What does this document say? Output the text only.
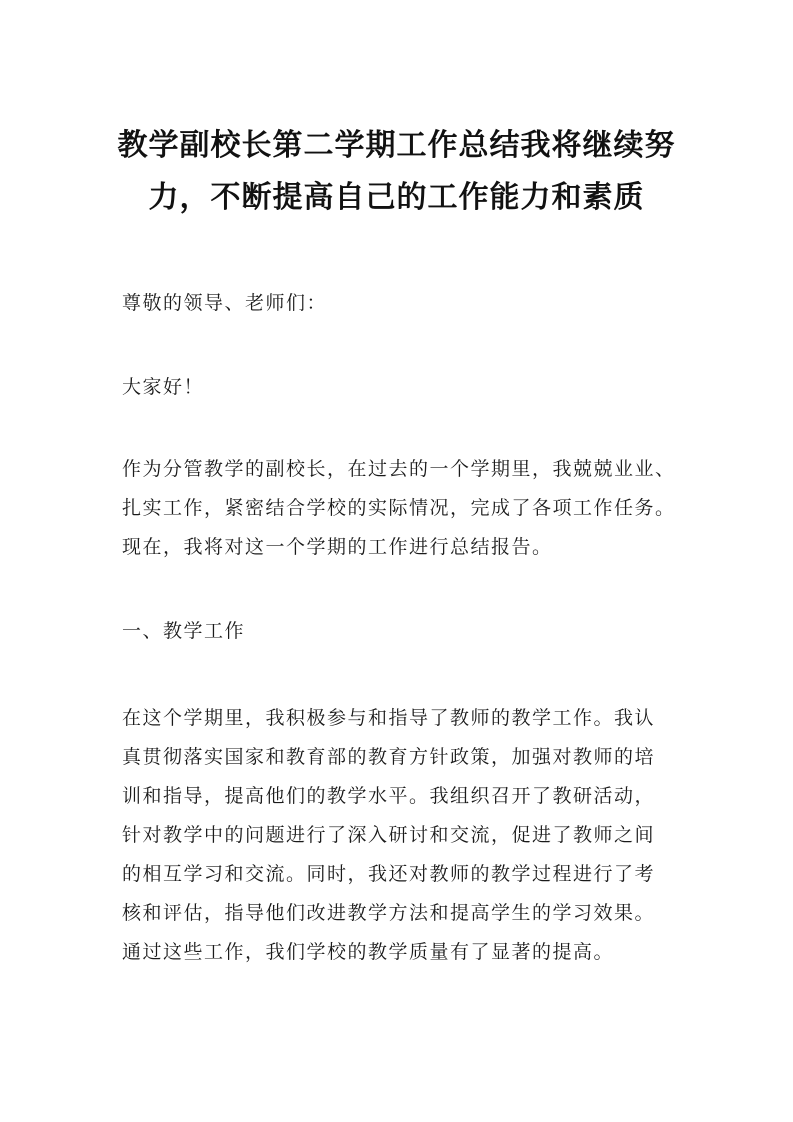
教学副校长第二学期工作总结我将继续努
力，不断提高自己的工作能力和素质
尊敬的领导、老师们：
大家好！
作为分管教学的副校长，在过去的一个学期里，我兢兢业业、
扎实工作，紧密结合学校的实际情况，完成了各项工作任务。
现在，我将对这一个学期的工作进行总结报告。
一、教学工作
在这个学期里，我积极参与和指导了教师的教学工作。我认
真贯彻落实国家和教育部的教育方针政策，加强对教师的培
训和指导，提高他们的教学水平。我组织召开了教研活动，
针对教学中的问题进行了深入研讨和交流，促进了教师之间
的相互学习和交流。同时，我还对教师的教学过程进行了考
核和评估，指导他们改进教学方法和提高学生的学习效果。
通过这些工作，我们学校的教学质量有了显著的提高。
